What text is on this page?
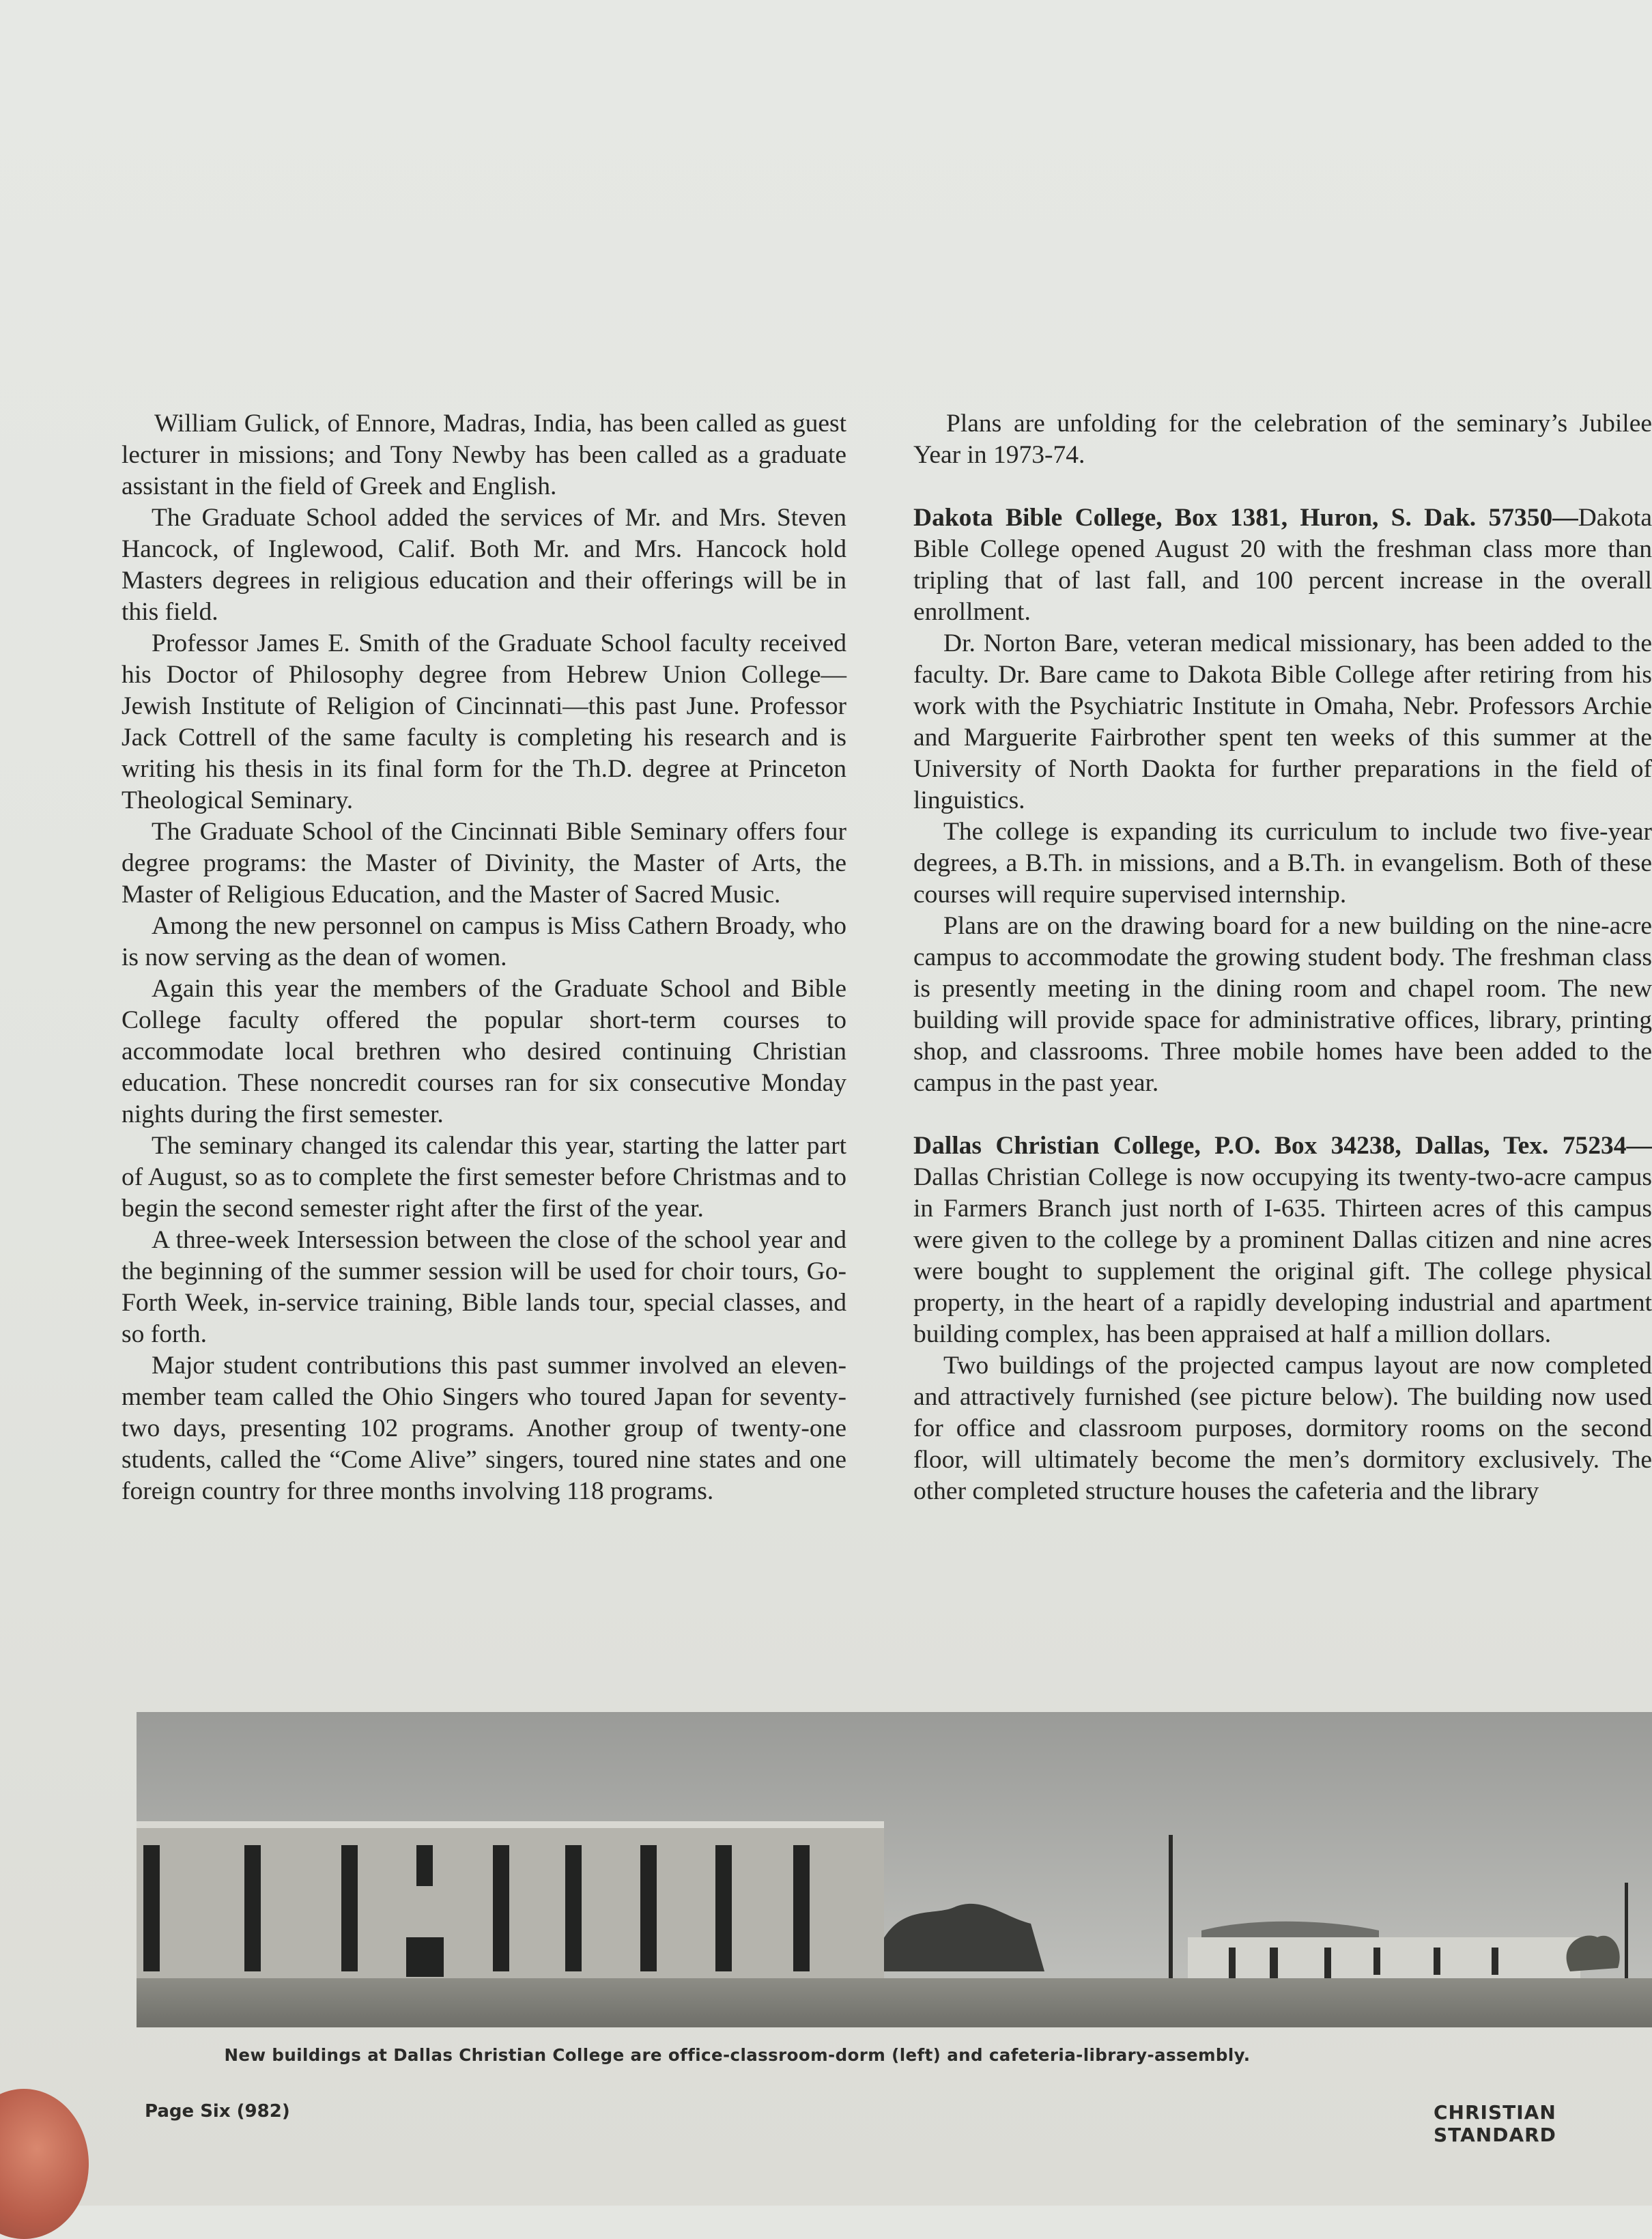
William Gulick, of Ennore, Madras, India, has been called as guest lecturer in missions; and Tony Newby has been called as a graduate assistant in the field of Greek and English.

The Graduate School added the services of Mr. and Mrs. Steven Hancock, of Inglewood, Calif. Both Mr. and Mrs. Hancock hold Masters degrees in religious education and their offerings will be in this field.

Professor James E. Smith of the Graduate School faculty received his Doctor of Philosophy degree from Hebrew Union College—Jewish Institute of Religion of Cincinnati—this past June. Professor Jack Cottrell of the same faculty is completing his research and is writing his thesis in its final form for the Th.D. degree at Princeton Theological Seminary.

The Graduate School of the Cincinnati Bible Seminary offers four degree programs: the Master of Divinity, the Master of Arts, the Master of Religious Education, and the Master of Sacred Music.

Among the new personnel on campus is Miss Cathern Broady, who is now serving as the dean of women.

Again this year the members of the Graduate School and Bible College faculty offered the popular short-term courses to accommodate local brethren who desired continuing Christian education. These noncredit courses ran for six consecutive Monday nights during the first semester.

The seminary changed its calendar this year, starting the latter part of August, so as to complete the first semester before Christmas and to begin the second semester right after the first of the year.

A three-week Intersession between the close of the school year and the beginning of the summer session will be used for choir tours, Go-Forth Week, in-service training, Bible lands tour, special classes, and so forth.

Major student contributions this past summer involved an eleven-member team called the Ohio Singers who toured Japan for seventy-two days, presenting 102 programs. Another group of twenty-one students, called the “Come Alive” singers, toured nine states and one foreign country for three months involving 118 programs.

Plans are unfolding for the celebration of the seminary’s Jubilee Year in 1973-74.

Dakota Bible College, Box 1381, Huron, S. Dak. 57350—Dakota Bible College opened August 20 with the freshman class more than tripling that of last fall, and 100 percent increase in the overall enrollment.

Dr. Norton Bare, veteran medical missionary, has been added to the faculty. Dr. Bare came to Dakota Bible College after retiring from his work with the Psychiatric Institute in Omaha, Nebr. Professors Archie and Marguerite Fairbrother spent ten weeks of this summer at the University of North Daokta for further preparations in the field of linguistics.

The college is expanding its curriculum to include two five-year degrees, a B.Th. in missions, and a B.Th. in evangelism. Both of these courses will require supervised internship.

Plans are on the drawing board for a new building on the nine-acre campus to accommodate the growing student body. The freshman class is presently meeting in the dining room and chapel room. The new building will provide space for administrative offices, library, printing shop, and classrooms. Three mobile homes have been added to the campus in the past year.

Dallas Christian College, P.O. Box 34238, Dallas, Tex. 75234—Dallas Christian College is now occupying its twenty-two-acre campus in Farmers Branch just north of I-635. Thirteen acres of this campus were given to the college by a prominent Dallas citizen and nine acres were bought to supplement the original gift. The college physical property, in the heart of a rapidly developing industrial and apartment building complex, has been appraised at half a million dollars.

Two buildings of the projected campus layout are now completed and attractively furnished (see picture below). The building now used for office and classroom purposes, dormitory rooms on the second floor, will ultimately become the men’s dormitory exclusively. The other completed structure houses the cafeteria and the library

New buildings at Dallas Christian College are office-classroom-dorm (left) and cafeteria-library-assembly.
Page Six (982)	CHRISTIAN STANDARD
